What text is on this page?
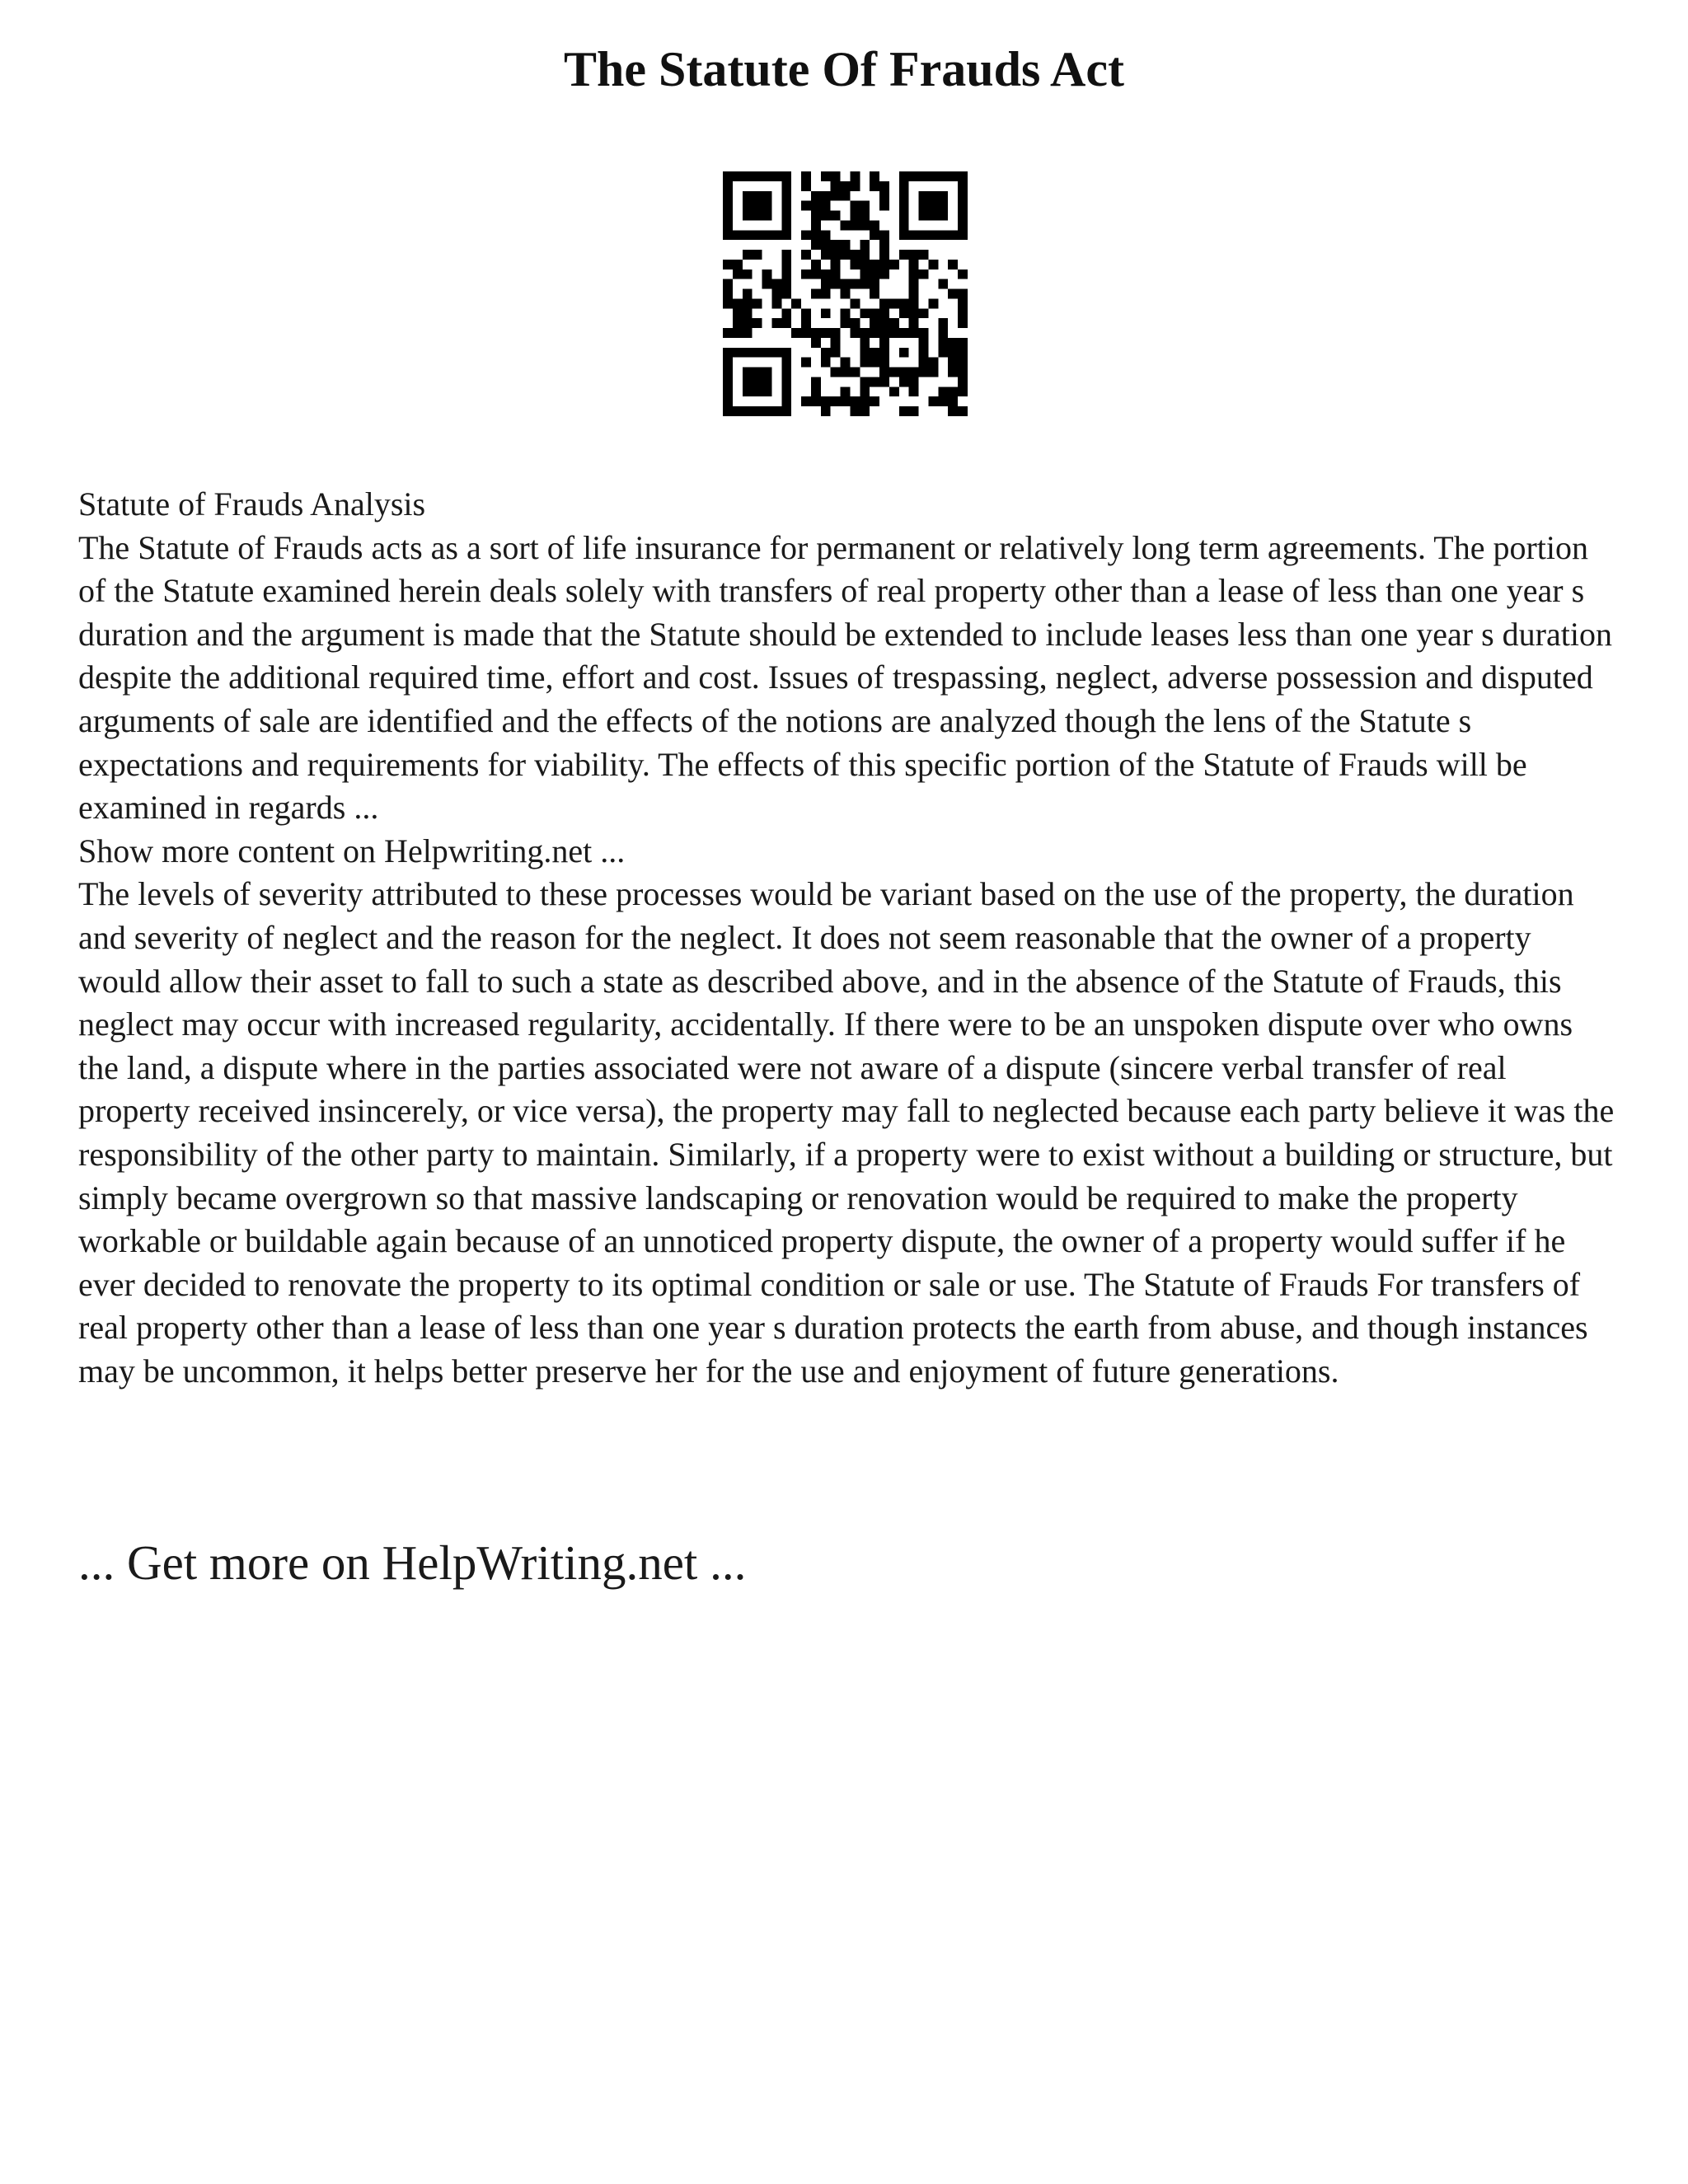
The Statute Of Frauds Act

Statute of Frauds Analysis

The Statute of Frauds acts as a sort of life insurance for permanent or relatively long term agreements. The portion of the Statute examined herein deals solely with transfers of real property other than a lease of less than one year s duration and the argument is made that the Statute should be extended to include leases less than one year s duration despite the additional required time, effort and cost. Issues of trespassing, neglect, adverse possession and disputed arguments of sale are identified and the effects of the notions are analyzed though the lens of the Statute s expectations and requirements for viability. The effects of this specific portion of the Statute of Frauds will be examined in regards ...

Show more content on Helpwriting.net ...

The levels of severity attributed to these processes would be variant based on the use of the property, the duration and severity of neglect and the reason for the neglect. It does not seem reasonable that the owner of a property would allow their asset to fall to such a state as described above, and in the absence of the Statute of Frauds, this neglect may occur with increased regularity, accidentally. If there were to be an unspoken dispute over who owns the land, a dispute where in the parties associated were not aware of a dispute (sincere verbal transfer of real property received insincerely, or vice versa), the property may fall to neglected because each party believe it was the responsibility of the other party to maintain. Similarly, if a property were to exist without a building or structure, but simply became overgrown so that massive landscaping or renovation would be required to make the property workable or buildable again because of an unnoticed property dispute, the owner of a property would suffer if he ever decided to renovate the property to its optimal condition or sale or use. The Statute of Frauds For transfers of real property other than a lease of less than one year s duration protects the earth from abuse, and though instances may be uncommon, it helps better preserve her for the use and enjoyment of future generations.

... Get more on HelpWriting.net ...
